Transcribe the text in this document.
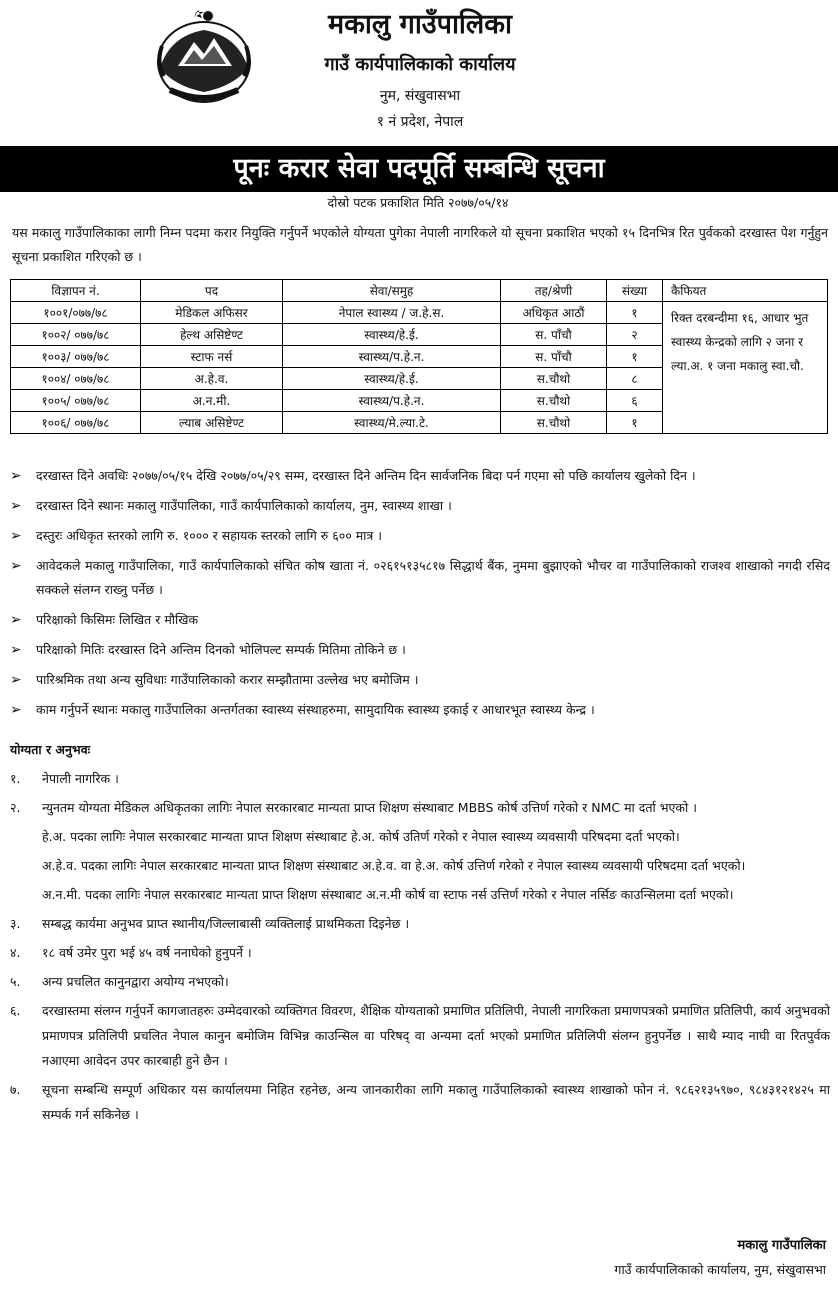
मकालु गाउँपालिका
गाउँ कार्यपालिकाको कार्यालय
नुम, संखुवासभा
१ नं प्रदेश, नेपाल
पूनः करार सेवा पदपूर्ति सम्बन्धि सूचना
दोस्रो पटक प्रकाशित मिति २०७७/०५/१४
यस मकालु गाउँपालिकाका लागी निम्न पदमा करार नियुक्ति गर्नुपर्ने भएकोले योग्यता पुगेका नेपाली नागरिकले यो सूचना प्रकाशित भएको १५ दिनभित्र रित पुर्वकको दरखास्त पेश गर्नुहुन सूचना प्रकाशित गरिएको छ ।
विज्ञापन नं.	पद	सेवा/समुह	तह/श्रेणी	संख्या	कैफियत
१००१/०७७/७८	मेडिकल अफिसर	नेपाल स्वास्थ्य / ज.हे.स.	अधिकृत आठौं	१	रिक्त दरबन्दीमा १६, आधार भुत स्वास्थ्य केन्द्रको लागि २ जना र ल्या.अ. १ जना मकालु स्वा.चौ.
१००२/ ०७७/७८	हेल्थ असिष्टेण्ट	स्वास्थ्य/हे.ई.	स. पाँचौ	२	
१००३/ ०७७/७८	स्टाफ नर्स	स्वास्थ्य/प.हे.न.	स. पाँचौ	१	
१००४/ ०७७/७८	अ.हे.व.	स्वास्थ्य/हे.ई.	स.चौथो	८	
१००५/ ०७७/७८	अ.न.मी.	स्वास्थ्य/प.हे.न.	स.चौथो	६	
१००६/ ०७७/७८	ल्याब असिष्टेण्ट	स्वास्थ्य/मे.ल्या.टे.	स.चौथो	१	
➢ दरखास्त दिने अवधिः २०७७/०५/१५ देखि २०७७/०५/२९ सम्म, दरखास्त दिने अन्तिम दिन सार्वजनिक बिदा पर्न गएमा सो पछि कार्यालय खुलेको दिन ।
➢ दरखास्त दिने स्थानः मकालु गाउँपालिका, गाउँ कार्यपालिकाको कार्यालय, नुम, स्वास्थ्य शाखा ।
➢ दस्तुरः अधिकृत स्तरको लागि रु. १००० र सहायक स्तरको लागि रु ६०० मात्र ।
➢ आवेदकले मकालु गाउँपालिका, गाउँ कार्यपालिकाको संचित कोष खाता नं. ०२६१५१३५८१७ सिद्धार्थ बैंक, नुममा बुझाएको भौचर वा गाउँपालिकाको राजश्व शाखाको नगदी रसिद सक्कले संलग्न राख्नु पर्नेछ ।
➢ परिक्षाको किसिमः लिखित र मौखिक
➢ परिक्षाको मितिः दरखास्त दिने अन्तिम दिनको भोलिपल्ट सम्पर्क मितिमा तोकिने छ ।
➢ पारिश्रमिक तथा अन्य सुविधाः गाउँपालिकाको करार सम्झौतामा उल्लेख भए बमोजिम ।
➢ काम गर्नुपर्ने स्थानः मकालु गाउँपालिका अन्तर्गतका स्वास्थ्य संस्थाहरुमा, सामुदायिक स्वास्थ्य इकाई र आधारभूत स्वास्थ्य केन्द्र ।
योग्यता र अनुभवः
१. नेपाली नागरिक ।
२. न्युनतम योग्यता मेडिकल अधिकृतका लागिः नेपाल सरकारबाट मान्यता प्राप्त शिक्षण संस्थाबाट MBBS कोर्ष उत्तिर्ण गरेको र NMC मा दर्ता भएको ।
हे.अ. पदका लागिः नेपाल सरकारबाट मान्यता प्राप्त शिक्षण संस्थाबाट हे.अ. कोर्ष उतिर्ण गरेको र नेपाल स्वास्थ्य व्यवसायी परिषदमा दर्ता भएको।
अ.हे.व. पदका लागिः नेपाल सरकारबाट मान्यता प्राप्त शिक्षण संस्थाबाट अ.हे.व. वा हे.अ. कोर्ष उत्तिर्ण गरेको र नेपाल स्वास्थ्य व्यवसायी परिषदमा दर्ता भएको।
अ.न.मी. पदका लागिः नेपाल सरकारबाट मान्यता प्राप्त शिक्षण संस्थाबाट अ.न.मी कोर्ष वा स्टाफ नर्स उत्तिर्ण गरेको र नेपाल नर्सिङ काउन्सिलमा दर्ता भएको।
३. सम्बद्ध कार्यमा अनुभव प्राप्त स्थानीय/जिल्लाबासी व्यक्तिलाई प्राथमिकता दिइनेछ ।
४. १८ वर्ष उमेर पुरा भई ४५ वर्ष ननाघेको हुनुपर्ने ।
५. अन्य प्रचलित कानुनद्वारा अयोग्य नभएको।
६. दरखास्तमा संलग्न गर्नुपर्ने कागजातहरुः उम्मेदवारको व्यक्तिगत विवरण, शैक्षिक योग्यताको प्रमाणित प्रतिलिपी, नेपाली नागरिकता प्रमाणपत्रको प्रमाणित प्रतिलिपी, कार्य अनुभवको प्रमाणपत्र प्रतिलिपी प्रचलित नेपाल कानुन बमोजिम विभिन्न काउन्सिल वा परिषद् वा अन्यमा दर्ता भएको प्रमाणित प्रतिलिपी संलग्न हुनुपर्नेछ । साथै म्याद नाघी वा रितपुर्वक नआएमा आवेदन उपर कारबाही हुने छैन ।
७. सूचना सम्बन्धि सम्पूर्ण अधिकार यस कार्यालयमा निहित रहनेछ, अन्य जानकारीका लागि मकालु गाउँपालिकाको स्वास्थ्य शाखाको फोन नं. ९८६२१३५९७०, ९८४३१२१४२५ मा सम्पर्क गर्न सकिनेछ ।
मकालु गाउँपालिका
गाउँ कार्यपालिकाको कार्यालय, नुम, संखुवासभा
